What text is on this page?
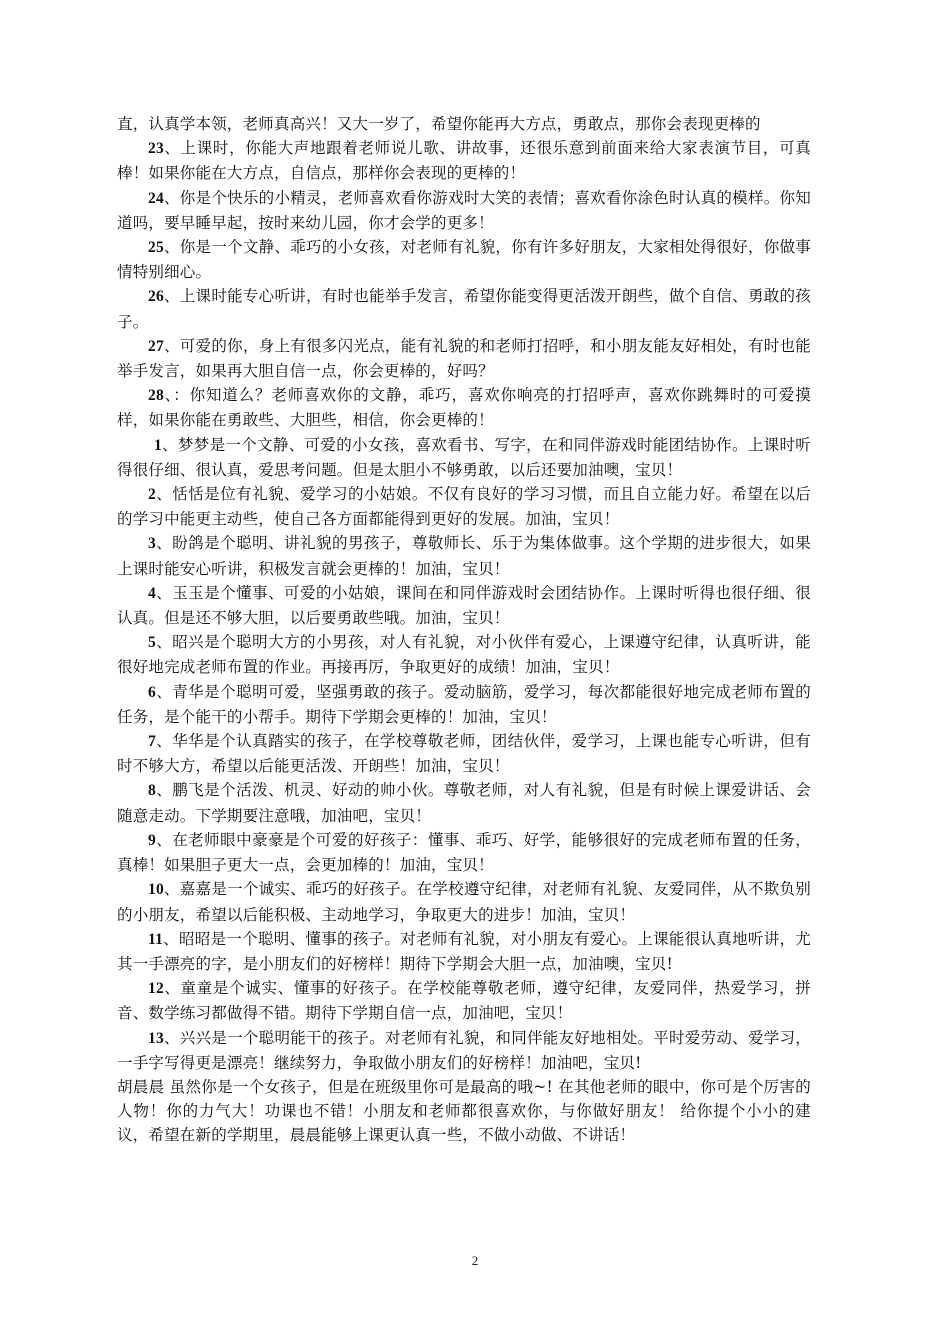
直，认真学本领，老师真高兴！又大一岁了，希望你能再大方点，勇敢点，那你会表现更棒的

23、上课时，你能大声地跟着老师说儿歌、讲故事，还很乐意到前面来给大家表演节目，可真棒！如果你能在大方点，自信点，那样你会表现的更棒的！

24、你是个快乐的小精灵，老师喜欢看你游戏时大笑的表情；喜欢看你涂色时认真的模样。你知道吗，要早睡早起，按时来幼儿园，你才会学的更多！

25、你是一个文静、乖巧的小女孩，对老师有礼貌，你有许多好朋友，大家相处得很好，你做事情特别细心。

26、上课时能专心听讲，有时也能举手发言，希望你能变得更活泼开朗些，做个自信、勇敢的孩子。

27、可爱的你，身上有很多闪光点，能有礼貌的和老师打招呼，和小朋友能友好相处，有时也能举手发言，如果再大胆自信一点，你会更棒的，好吗？

28、：你知道么？老师喜欢你的文静，乖巧，喜欢你响亮的打招呼声，喜欢你跳舞时的可爱摸样，如果你能在勇敢些、大胆些，相信，你会更棒的！

1、梦梦是一个文静、可爱的小女孩，喜欢看书、写字，在和同伴游戏时能团结协作。上课时听得很仔细、很认真，爱思考问题。但是太胆小不够勇敢，以后还要加油噢，宝贝！

2、恬恬是位有礼貌、爱学习的小姑娘。不仅有良好的学习习惯，而且自立能力好。希望在以后的学习中能更主动些，使自己各方面都能得到更好的发展。加油，宝贝！

3、盼鸽是个聪明、讲礼貌的男孩子，尊敬师长、乐于为集体做事。这个学期的进步很大，如果上课时能安心听讲，积极发言就会更棒的！加油，宝贝！

4、玉玉是个懂事、可爱的小姑娘，课间在和同伴游戏时会团结协作。上课时听得也很仔细、很认真。但是还不够大胆，以后要勇敢些哦。加油，宝贝！

5、昭兴是个聪明大方的小男孩，对人有礼貌，对小伙伴有爱心，上课遵守纪律，认真听讲，能很好地完成老师布置的作业。再接再厉，争取更好的成绩！加油，宝贝！

6、青华是个聪明可爱，坚强勇敢的孩子。爱动脑筋，爱学习，每次都能很好地完成老师布置的任务，是个能干的小帮手。期待下学期会更棒的！加油，宝贝！

7、华华是个认真踏实的孩子，在学校尊敬老师，团结伙伴，爱学习，上课也能专心听讲，但有时不够大方，希望以后能更活泼、开朗些！加油，宝贝！

8、鹏飞是个活泼、机灵、好动的帅小伙。尊敬老师，对人有礼貌，但是有时候上课爱讲话、会随意走动。下学期要注意哦，加油吧，宝贝！

9、在老师眼中豪豪是个可爱的好孩子：懂事、乖巧、好学，能够很好的完成老师布置的任务，真棒！如果胆子更大一点，会更加棒的！加油，宝贝！

10、嘉嘉是一个诚实、乖巧的好孩子。在学校遵守纪律，对老师有礼貌、友爱同伴，从不欺负别的小朋友，希望以后能积极、主动地学习，争取更大的进步！加油，宝贝！

11、昭昭是一个聪明、懂事的孩子。对老师有礼貌，对小朋友有爱心。上课能很认真地听讲，尤其一手漂亮的字，是小朋友们的好榜样！期待下学期会大胆一点，加油噢，宝贝!

12、童童是个诚实、懂事的好孩子。在学校能尊敬老师，遵守纪律，友爱同伴，热爱学习，拼音、数学练习都做得不错。期待下学期自信一点，加油吧，宝贝！

13、兴兴是一个聪明能干的孩子。对老师有礼貌，和同伴能友好地相处。平时爱劳动、爱学习，一手字写得更是漂亮！继续努力，争取做小朋友们的好榜样！加油吧，宝贝!

胡晨晨 虽然你是一个女孩子，但是在班级里你可是最高的哦~! 在其他老师的眼中，你可是个厉害的人物！你的力气大！功课也不错！小朋友和老师都很喜欢你，与你做好朋友！ 给你提个小小的建议，希望在新的学期里，晨晨能够上课更认真一些，不做小动做、不讲话！

2
